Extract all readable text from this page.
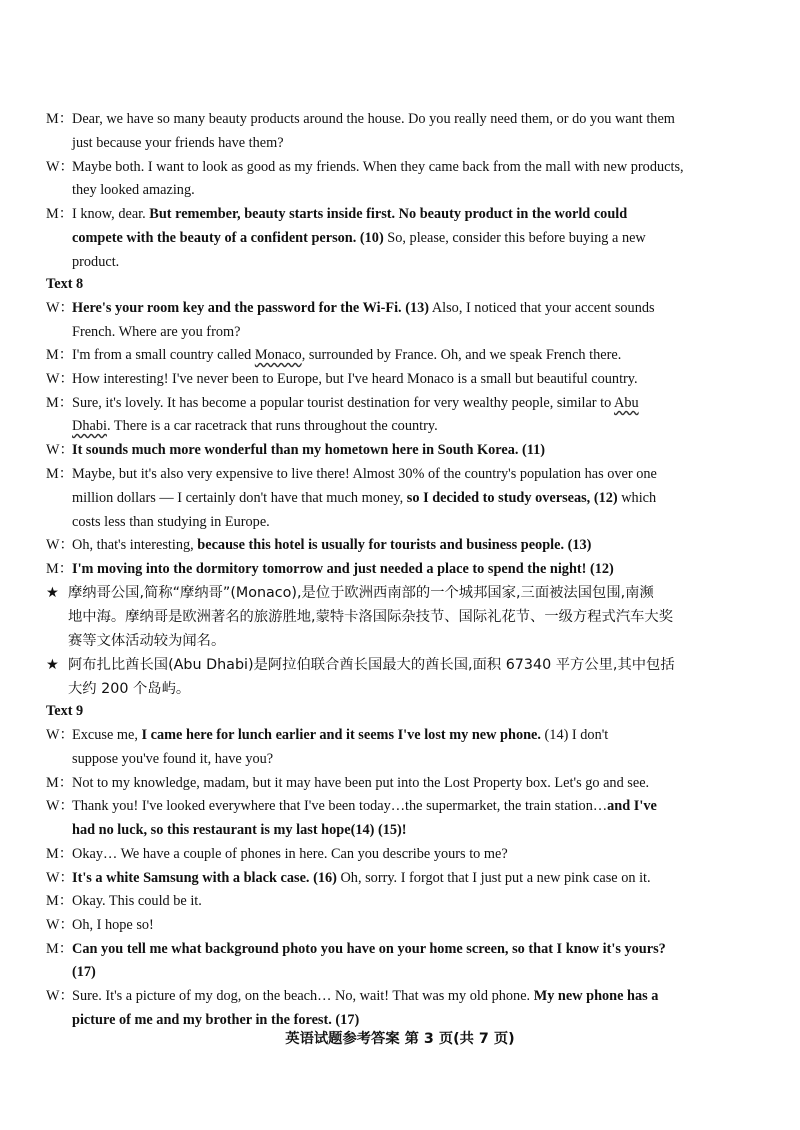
M：
Dear, we have so many beauty products around the house. Do you really need them, or do you want them
just because your friends have them?
W：
Maybe both. I want to look as good as my friends. When they came back from the mall with new products,
they looked amazing.
M：
I know, dear. But remember, beauty starts inside first. No beauty product in the world could
compete with the beauty of a confident person. (10) So, please, consider this before buying a new
product.
Text 8
W：
Here's your room key and the password for the Wi-Fi. (13) Also, I noticed that your accent sounds
French. Where are you from?
M：
I'm from a small country called Monaco, surrounded by France. Oh, and we speak French there.
W：
How interesting! I've never been to Europe, but I've heard Monaco is a small but beautiful country.
M：
Sure, it's lovely. It has become a popular tourist destination for very wealthy people, similar to Abu
Dhabi. There is a car racetrack that runs throughout the country.
W：
It sounds much more wonderful than my hometown here in South Korea. (11)
M：
Maybe, but it's also very expensive to live there! Almost 30% of the country's population has over one
million dollars — I certainly don't have that much money, so I decided to study overseas, (12) which
costs less than studying in Europe.
W：
Oh, that's interesting, because this hotel is usually for tourists and business people. (13)
M：
I'm moving into the dormitory tomorrow and just needed a place to spend the night! (12)
★ 摩纳哥公国,简称“摩纳哥”(Monaco),是位于欧洲西南部的一个城邦国家,三面被法国包围,南濒
地中海。摩纳哥是欧洲著名的旅游胜地,蒙特卡洛国际杂技节、国际礼花节、一级方程式汽车大奖
赛等文体活动较为闻名。
★ 阿布扎比酋长国(Abu Dhabi)是阿拉伯联合酋长国最大的酋长国,面积 67340 平方公里,其中包括
大约 200 个岛屿。
Text 9
W：
Excuse me, I came here for lunch earlier and it seems I've lost my new phone. (14) I don't
suppose you've found it, have you?
M：
Not to my knowledge, madam, but it may have been put into the Lost Property box. Let's go and see.
W：
Thank you! I've looked everywhere that I've been today…the supermarket, the train station…and I've
had no luck, so this restaurant is my last hope(14) (15)!
M：
Okay… We have a couple of phones in here. Can you describe yours to me?
W：
It's a white Samsung with a black case. (16) Oh, sorry. I forgot that I just put a new pink case on it.
M：
Okay. This could be it.
W：
Oh, I hope so!
M：
Can you tell me what background photo you have on your home screen, so that I know it's yours?
(17)
W：
Sure. It's a picture of my dog, on the beach… No, wait! That was my old phone. My new phone has a
picture of me and my brother in the forest. (17)
英语试题参考答案 第 3 页(共 7 页)
